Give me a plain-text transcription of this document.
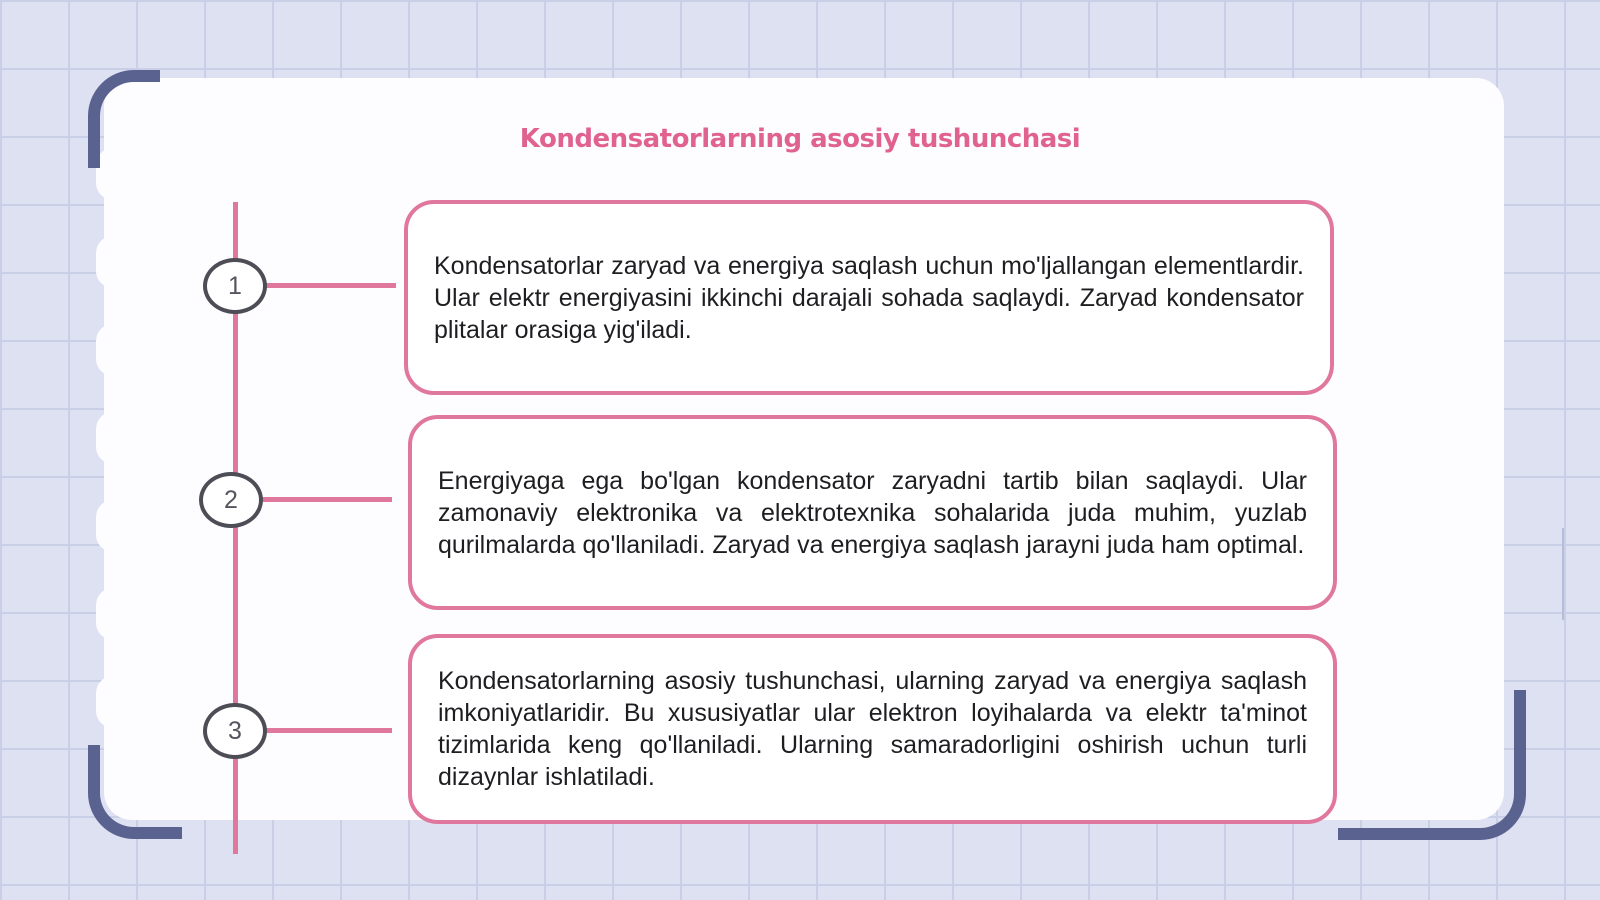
Kondensatorlarning asosiy tushunchasi
1

Kondensatorlar zaryad va energiya saqlash uchun mo'ljallangan elementlardir. Ular elektr energiyasini ikkinchi darajali sohada saqlaydi. Zaryad kondensator plitalar orasiga yig'iladi.

2

Energiyaga ega bo'lgan kondensator zaryadni tartib bilan saqlaydi. Ular zamonaviy elektronika va elektrotexnika sohalarida juda muhim, yuzlab qurilmalarda qo'llaniladi. Zaryad va energiya saqlash jarayni juda ham optimal.

3

Kondensatorlarning asosiy tushunchasi, ularning zaryad va energiya saqlash imkoniyatlaridir. Bu xususiyatlar ular elektron loyihalarda va elektr ta'minot tizimlarida keng qo'llaniladi. Ularning samaradorligini oshirish uchun turli dizaynlar ishlatiladi.
